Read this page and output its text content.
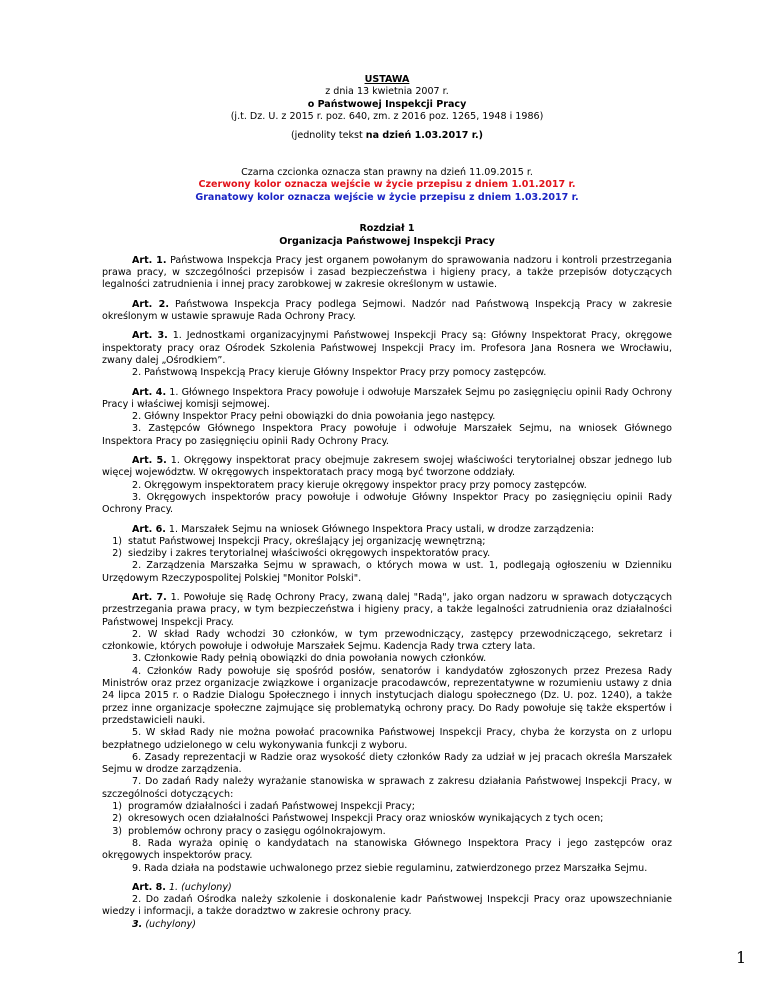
USTAWA
z dnia 13 kwietnia 2007 r.
o Państwowej Inspekcji Pracy
(j.t. Dz. U. z 2015 r. poz. 640, zm. z 2016 poz. 1265, 1948 i 1986)
(jednolity tekst na dzień 1.03.2017 r.)
Czarna czcionka oznacza stan prawny na dzień 11.09.2015 r.
Czerwony kolor oznacza wejście w życie przepisu z dniem 1.01.2017 r.
Granatowy kolor oznacza wejście w życie przepisu z dniem 1.03.2017 r.
Rozdział 1
Organizacja Państwowej Inspekcji Pracy
Art. 1. Państwowa Inspekcja Pracy jest organem powołanym do sprawowania nadzoru i kontroli przestrzegania prawa pracy, w szczególności przepisów i zasad bezpieczeństwa i higieny pracy, a także przepisów dotyczących legalności zatrudnienia i innej pracy zarobkowej w zakresie określonym w ustawie.
Art. 2. Państwowa Inspekcja Pracy podlega Sejmowi. Nadzór nad Państwową Inspekcją Pracy w zakresie określonym w ustawie sprawuje Rada Ochrony Pracy.
Art. 3. 1. Jednostkami organizacyjnymi Państwowej Inspekcji Pracy są: Główny Inspektorat Pracy, okręgowe inspektoraty pracy oraz Ośrodek Szkolenia Państwowej Inspekcji Pracy im. Profesora Jana Rosnera we Wrocławiu, zwany dalej „Ośrodkiem”.
2. Państwową Inspekcją Pracy kieruje Główny Inspektor Pracy przy pomocy zastępców.
Art. 4. 1. Głównego Inspektora Pracy powołuje i odwołuje Marszałek Sejmu po zasięgnięciu opinii Rady Ochrony Pracy i właściwej komisji sejmowej.
2. Główny Inspektor Pracy pełni obowiązki do dnia powołania jego następcy.
3. Zastępców Głównego Inspektora Pracy powołuje i odwołuje Marszałek Sejmu, na wniosek Głównego Inspektora Pracy po zasięgnięciu opinii Rady Ochrony Pracy.
Art. 5. 1. Okręgowy inspektorat pracy obejmuje zakresem swojej właściwości terytorialnej obszar jednego lub więcej województw. W okręgowych inspektoratach pracy mogą być tworzone oddziały.
2. Okręgowym inspektoratem pracy kieruje okręgowy inspektor pracy przy pomocy zastępców.
3. Okręgowych inspektorów pracy powołuje i odwołuje Główny Inspektor Pracy po zasięgnięciu opinii Rady Ochrony Pracy.
Art. 6. 1. Marszałek Sejmu na wniosek Głównego Inspektora Pracy ustali, w drodze zarządzenia:
1) statut Państwowej Inspekcji Pracy, określający jej organizację wewnętrzną;
2) siedziby i zakres terytorialnej właściwości okręgowych inspektoratów pracy.
2. Zarządzenia Marszałka Sejmu w sprawach, o których mowa w ust. 1, podlegają ogłoszeniu w Dzienniku Urzędowym Rzeczypospolitej Polskiej "Monitor Polski".
Art. 7. 1. Powołuje się Radę Ochrony Pracy, zwaną dalej "Radą", jako organ nadzoru w sprawach dotyczących przestrzegania prawa pracy, w tym bezpieczeństwa i higieny pracy, a także legalności zatrudnienia oraz działalności Państwowej Inspekcji Pracy.
2. W skład Rady wchodzi 30 członków, w tym przewodniczący, zastępcy przewodniczącego, sekretarz i członkowie, których powołuje i odwołuje Marszałek Sejmu. Kadencja Rady trwa cztery lata.
3. Członkowie Rady pełnią obowiązki do dnia powołania nowych członków.
4. Członków Rady powołuje się spośród posłów, senatorów i kandydatów zgłoszonych przez Prezesa Rady Ministrów oraz przez organizacje związkowe i organizacje pracodawców, reprezentatywne w rozumieniu ustawy z dnia 24 lipca 2015 r. o Radzie Dialogu Społecznego i innych instytucjach dialogu społecznego (Dz. U. poz. 1240), a także przez inne organizacje społeczne zajmujące się problematyką ochrony pracy. Do Rady powołuje się także ekspertów i przedstawicieli nauki.
5. W skład Rady nie można powołać pracownika Państwowej Inspekcji Pracy, chyba że korzysta on z urlopu bezpłatnego udzielonego w celu wykonywania funkcji z wyboru.
6. Zasady reprezentacji w Radzie oraz wysokość diety członków Rady za udział w jej pracach określa Marszałek Sejmu w drodze zarządzenia.
7. Do zadań Rady należy wyrażanie stanowiska w sprawach z zakresu działania Państwowej Inspekcji Pracy, w szczególności dotyczących:
1) programów działalności i zadań Państwowej Inspekcji Pracy;
2) okresowych ocen działalności Państwowej Inspekcji Pracy oraz wniosków wynikających z tych ocen;
3) problemów ochrony pracy o zasięgu ogólnokrajowym.
8. Rada wyraża opinię o kandydatach na stanowiska Głównego Inspektora Pracy i jego zastępców oraz okręgowych inspektorów pracy.
9. Rada działa na podstawie uchwalonego przez siebie regulaminu, zatwierdzonego przez Marszałka Sejmu.
Art. 8. 1. (uchylony)
2. Do zadań Ośrodka należy szkolenie i doskonalenie kadr Państwowej Inspekcji Pracy oraz upowszechnianie wiedzy i informacji, a także doradztwo w zakresie ochrony pracy.
3. (uchylony)
1
